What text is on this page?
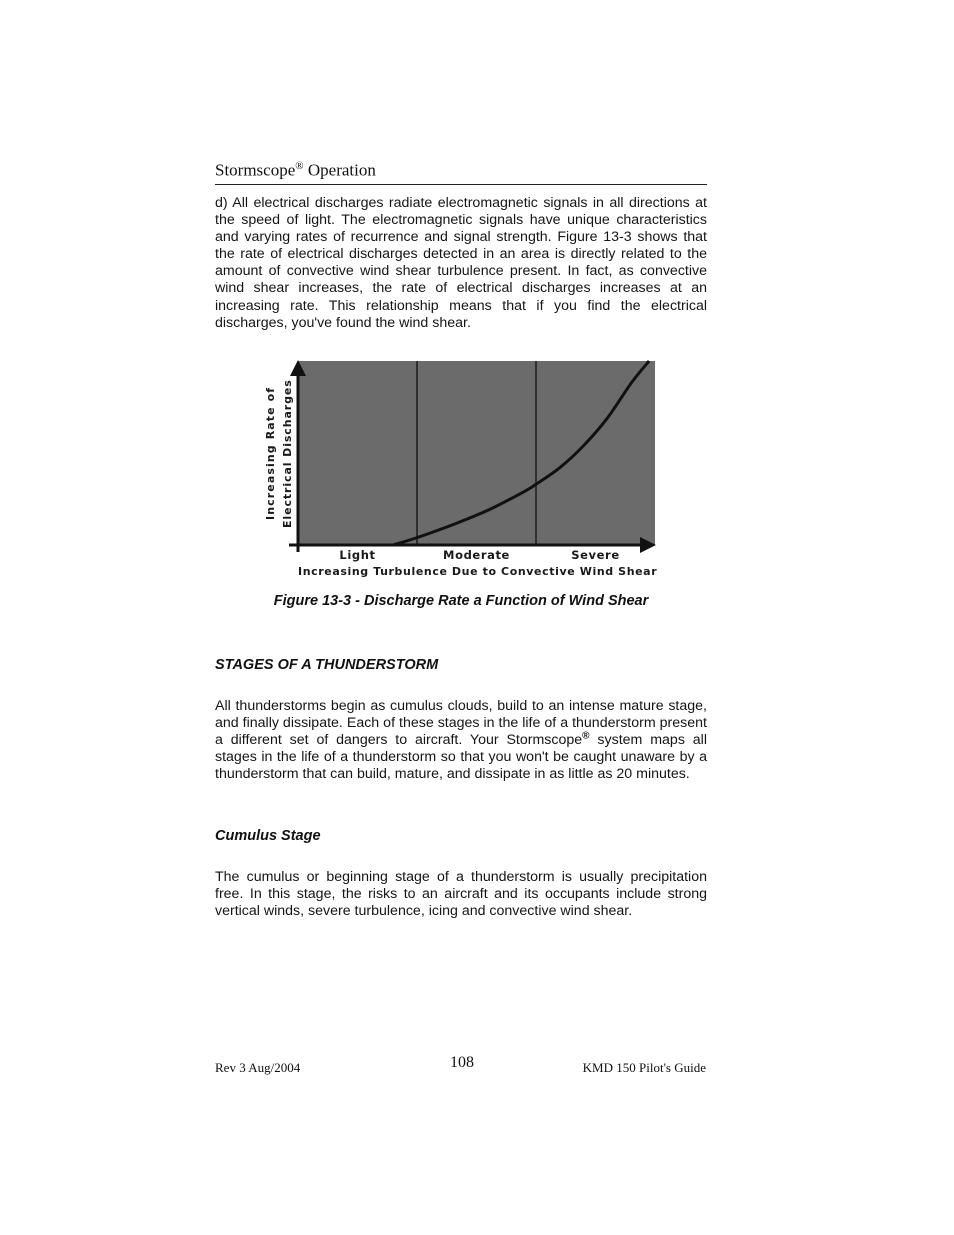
Stormscope® Operation

d) All electrical discharges radiate electromagnetic signals in all directions at the speed of light. The electromagnetic signals have unique characteristics and varying rates of recurrence and signal strength. Figure 13-3 shows that the rate of electrical discharges detected in an area is directly related to the amount of convective wind shear turbulence present. In fact, as convective wind shear increases, the rate of electrical discharges increases at an increasing rate. This relationship means that if you find the electrical discharges, you've found the wind shear.

Light	Moderate	Severe
Increasing Turbulence Due to Convective Wind Shear
Increasing Rate of Electrical Discharges
Figure 13-3 - Discharge Rate a Function of Wind Shear
STAGES OF A THUNDERSTORM

All thunderstorms begin as cumulus clouds, build to an intense mature stage, and finally dissipate. Each of these stages in the life of a thunderstorm present a different set of dangers to aircraft. Your Stormscope® system maps all stages in the life of a thunderstorm so that you won't be caught unaware by a thunderstorm that can build, mature, and dissipate in as little as 20 minutes.

Cumulus Stage

The cumulus or beginning stage of a thunderstorm is usually precipitation free. In this stage, the risks to an aircraft and its occupants include strong vertical winds, severe turbulence, icing and convective wind shear.

Rev 3 Aug/2004	108	KMD 150 Pilot's Guide
